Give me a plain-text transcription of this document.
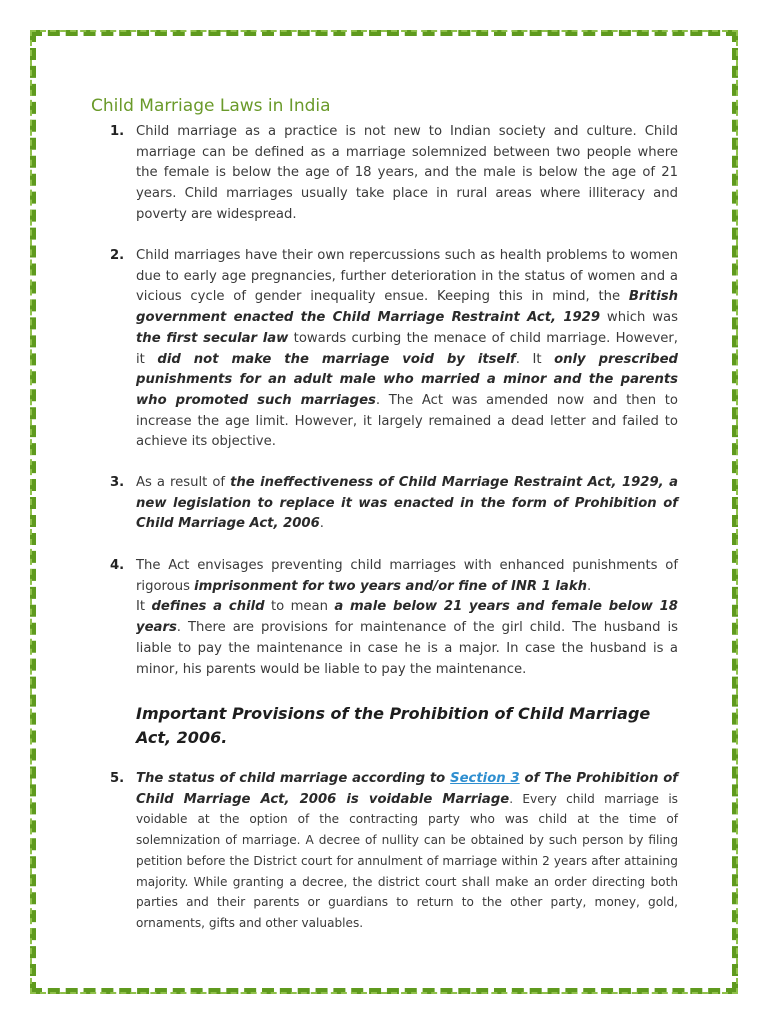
Child Marriage Laws in India
1. Child marriage as a practice is not new to Indian society and culture. Child marriage can be defined as a marriage solemnized between two people where the female is below the age of 18 years, and the male is below the age of 21 years. Child marriages usually take place in rural areas where illiteracy and poverty are widespread.
2. Child marriages have their own repercussions such as health problems to women due to early age pregnancies, further deterioration in the status of women and a vicious cycle of gender inequality ensue. Keeping this in mind, the British government enacted the Child Marriage Restraint Act, 1929 which was the first secular law towards curbing the menace of child marriage. However, it did not make the marriage void by itself. It only prescribed punishments for an adult male who married a minor and the parents who promoted such marriages. The Act was amended now and then to increase the age limit. However, it largely remained a dead letter and failed to achieve its objective.
3. As a result of the ineffectiveness of Child Marriage Restraint Act, 1929, a new legislation to replace it was enacted in the form of Prohibition of Child Marriage Act, 2006.
4. The Act envisages preventing child marriages with enhanced punishments of rigorous imprisonment for two years and/or fine of INR 1 lakh.
It defines a child to mean a male below 21 years and female below 18 years. There are provisions for maintenance of the girl child. The husband is liable to pay the maintenance in case he is a major. In case the husband is a minor, his parents would be liable to pay the maintenance.
Important Provisions of the Prohibition of Child Marriage Act, 2006.
5. The status of child marriage according to Section 3 of The Prohibition of Child Marriage Act, 2006 is voidable Marriage. Every child marriage is voidable at the option of the contracting party who was child at the time of solemnization of marriage. A decree of nullity can be obtained by such person by filing petition before the District court for annulment of marriage within 2 years after attaining majority. While granting a decree, the district court shall make an order directing both parties and their parents or guardians to return to the other party, money, gold, ornaments, gifts and other valuables.
